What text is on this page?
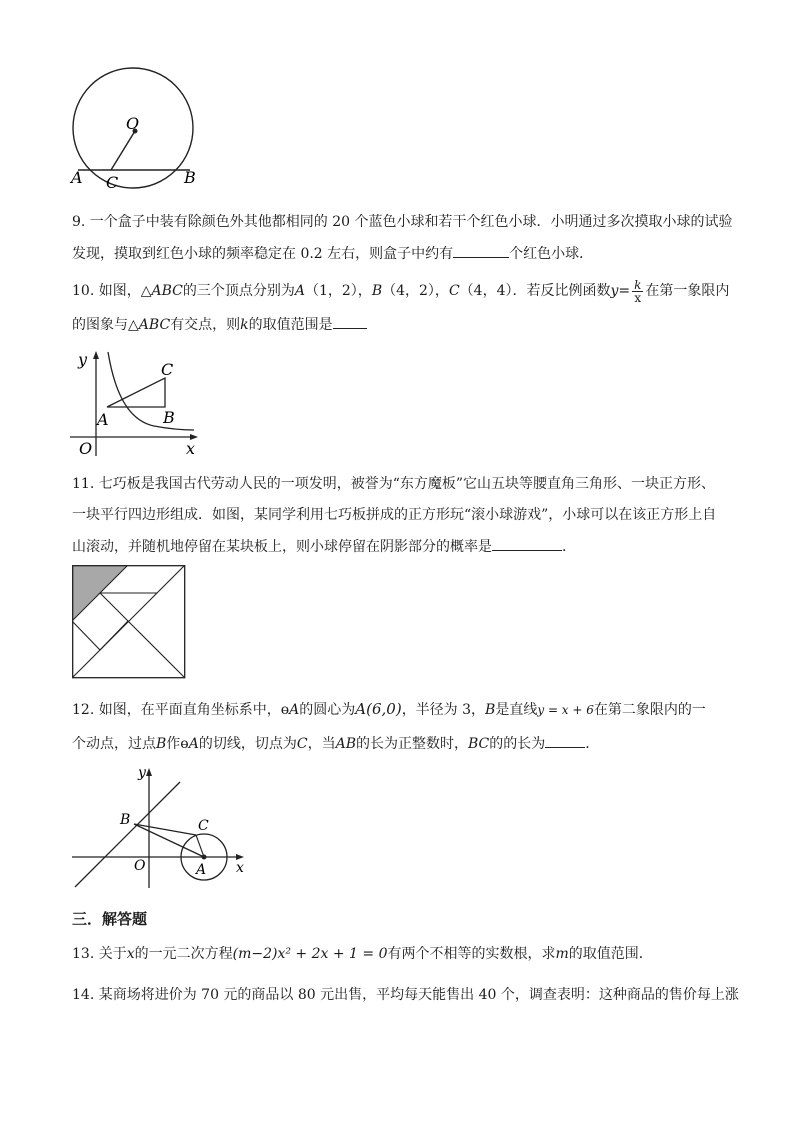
O
A C	B
9. 一个盒子中装有除颜色外其他都相同的 20 个蓝色小球和若干个红色小球．小明通过多次摸取小球的试验
发现，摸取到红色小球的频率稳定在 0.2 左右，则盒子中约有	个红色小球．
10. 如图，△ABC的三个顶点分别为A（1，2），B（4，2），C（4，4）．若反比例函数$y= \frac{k}{x}$ 在第一象限内
的图象与△ABC有交点，则k的取值范围是
y
x
O
A	B
C
11. 七巧板是我国古代劳动人民的一项发明，被誉为“东方魔板”它山五块等腰直角三角形、一块正方形、
一块平行四边形组成．如图，某同学利用七巧板拼成的正方形玩“滚小球游戏”，小球可以在该正方形上自
山滚动，并随机地停留在某块板上，则小球停留在阴影部分的概率是	．
12. 如图，在平面直角坐标系中，ɵA的圆心为A(6,0)，半径为 3，B是直线y = x + 6在第二象限内的一
个动点，过点B作ɵA的切线，切点为C，当AB的长为正整数时，BC的的长为	．
y
x
O	A
B	C
三．解答题
13. 关于x的一元二次方程(m−2)x² + 2x + 1 = 0有两个不相等的实数根，求m的取值范围．
14. 某商场将进价为 70 元的商品以 80 元出售，平均每天能售出 40 个，调查表明：这种商品的售价每上涨
